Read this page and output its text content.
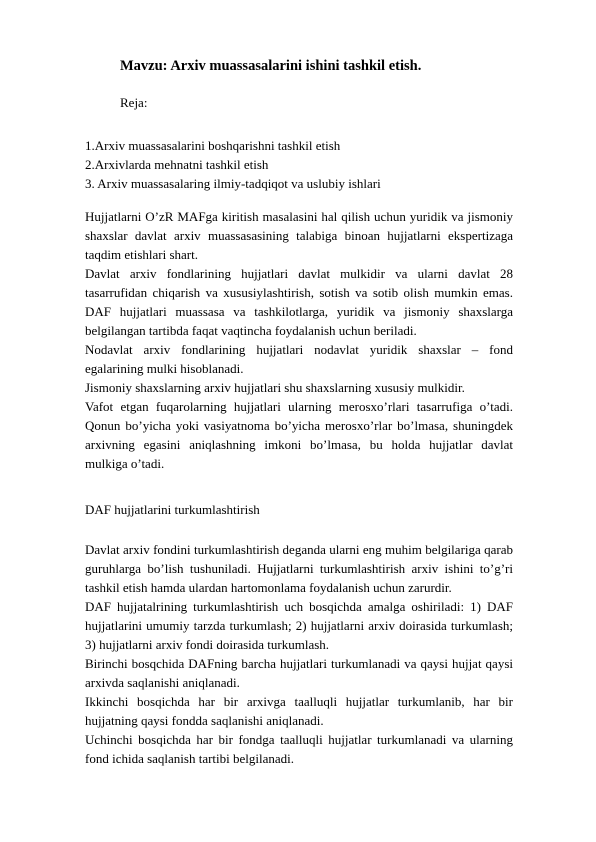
Mavzu: Arxiv muassasalarini ishini tashkil etish.

Reja:

1.Arxiv muassasalarini boshqarishni tashkil etish
2.Arxivlarda mehnatni tashkil etish
3. Arxiv muassasalaring ilmiy-tadqiqot va uslubiy ishlari

Hujjatlarni O’zR MAFga kiritish masalasini hal qilish uchun yuridik va jismoniy shaxslar davlat arxiv muassasasining talabiga binoan hujjatlarni ekspertizaga taqdim etishlari shart.

Davlat arxiv fondlarining hujjatlari davlat mulkidir va ularni davlat 28 tasarrufidan chiqarish va xususiylashtirish, sotish va sotib olish mumkin emas. DAF hujjatlari muassasa va tashkilotlarga, yuridik va jismoniy shaxslarga belgilangan tartibda faqat vaqtincha foydalanish uchun beriladi.

Nodavlat arxiv fondlarining hujjatlari nodavlat yuridik shaxslar – fond egalarining mulki hisoblanadi.

Jismoniy shaxslarning arxiv hujjatlari shu shaxslarning xususiy mulkidir.

Vafot etgan fuqarolarning hujjatlari ularning merosxo’rlari tasarrufiga o’tadi. Qonun bo’yicha yoki vasiyatnoma bo’yicha merosxo’rlar bo’lmasa, shuningdek arxivning egasini aniqlashning imkoni bo’lmasa, bu holda hujjatlar davlat mulkiga o’tadi.

DAF hujjatlarini turkumlashtirish

Davlat arxiv fondini turkumlashtirish deganda ularni eng muhim belgilariga qarab guruhlarga bo’lish tushuniladi. Hujjatlarni turkumlashtirish arxiv ishini to’g’ri tashkil etish hamda ulardan hartomonlama foydalanish uchun zarurdir.

DAF hujjatalrining turkumlashtirish uch bosqichda amalga oshiriladi: 1) DAF hujjatlarini umumiy tarzda turkumlash; 2) hujjatlarni arxiv doirasida turkumlash; 3) hujjatlarni arxiv fondi doirasida turkumlash.

Birinchi bosqchida DAFning barcha hujjatlari turkumlanadi va qaysi hujjat qaysi arxivda saqlanishi aniqlanadi.

Ikkinchi bosqichda har bir arxivga taalluqli hujjatlar turkumlanib, har bir hujjatning qaysi fondda saqlanishi aniqlanadi.

Uchinchi bosqichda har bir fondga taalluqli hujjatlar turkumlanadi va ularning fond ichida saqlanish tartibi belgilanadi.
